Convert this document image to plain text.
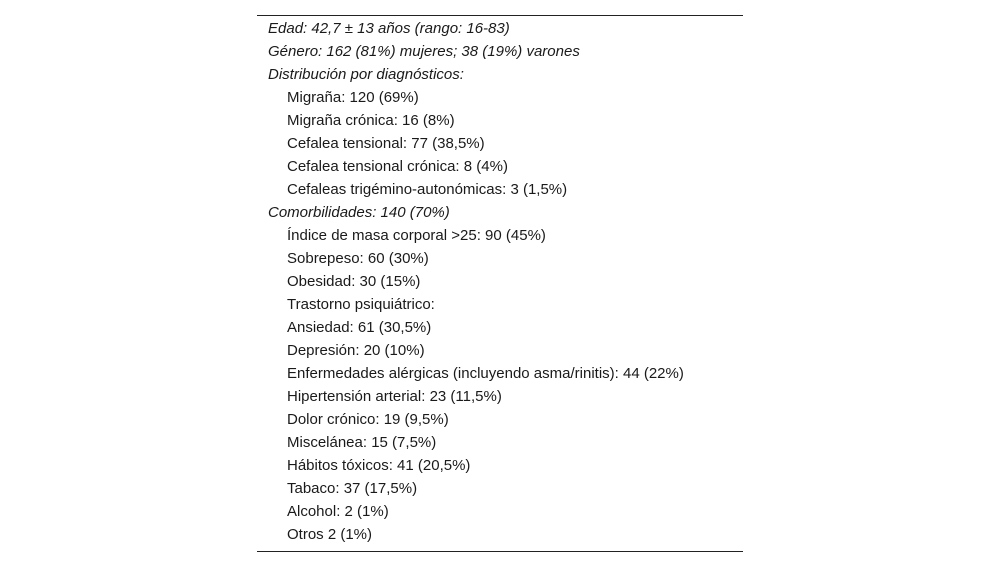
Edad: 42,7 ± 13 años (rango: 16-83)
Género: 162 (81%) mujeres; 38 (19%) varones
Distribución por diagnósticos:
Migraña: 120 (69%)
Migraña crónica: 16 (8%)
Cefalea tensional: 77 (38,5%)
Cefalea tensional crónica: 8 (4%)
Cefaleas trigémino-autonómicas: 3 (1,5%)
Comorbilidades: 140 (70%)
Índice de masa corporal >25: 90 (45%)
Sobrepeso: 60 (30%)
Obesidad: 30 (15%)
Trastorno psiquiátrico:
Ansiedad: 61 (30,5%)
Depresión: 20 (10%)
Enfermedades alérgicas (incluyendo asma/rinitis): 44 (22%)
Hipertensión arterial: 23 (11,5%)
Dolor crónico: 19 (9,5%)
Miscelánea: 15 (7,5%)
Hábitos tóxicos: 41 (20,5%)
Tabaco: 37 (17,5%)
Alcohol: 2 (1%)
Otros 2 (1%)
